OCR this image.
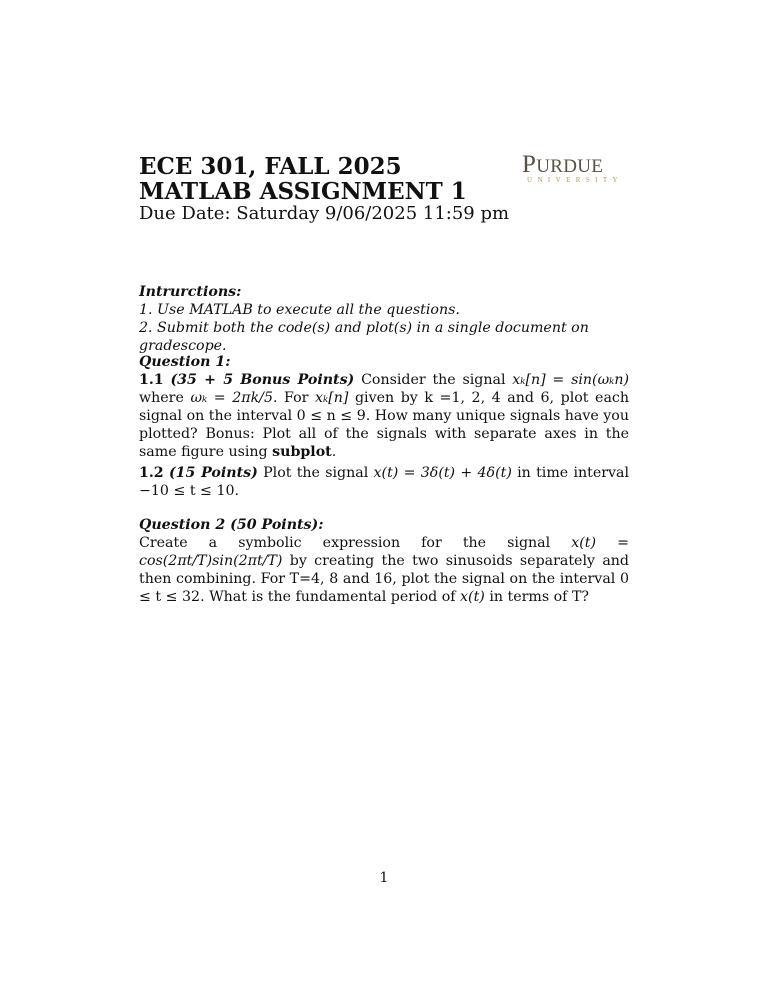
ECE 301, FALL 2025
MATLAB ASSIGNMENT 1
Due Date: Saturday 9/06/2025 11:59 pm
PURDUE
UNIVERSITY

Intrurctions:

1. Use MATLAB to execute all the questions.

2. Submit both the code(s) and plot(s) in a single document on gradescope.

Question 1:

1.1 (35 + 5 Bonus Points) Consider the signal xₖ[n] = sin(ωₖn) where ωₖ = 2πk/5. For xₖ[n] given by k =1, 2, 4 and 6, plot each signal on the interval 0 ≤ n ≤ 9. How many unique signals have you plotted? Bonus: Plot all of the signals with separate axes in the same figure using subplot.

1.2 (15 Points) Plot the signal x(t) = 3δ(t) + 4δ(t) in time interval −10 ≤ t ≤ 10.

Question 2 (50 Points):

Create a symbolic expression for the signal x(t) = cos(2πt/T)sin(2πt/T) by creating the two sinusoids separately and then combining. For T=4, 8 and 16, plot the signal on the interval 0 ≤ t ≤ 32. What is the fundamental period of x(t) in terms of T?

1
